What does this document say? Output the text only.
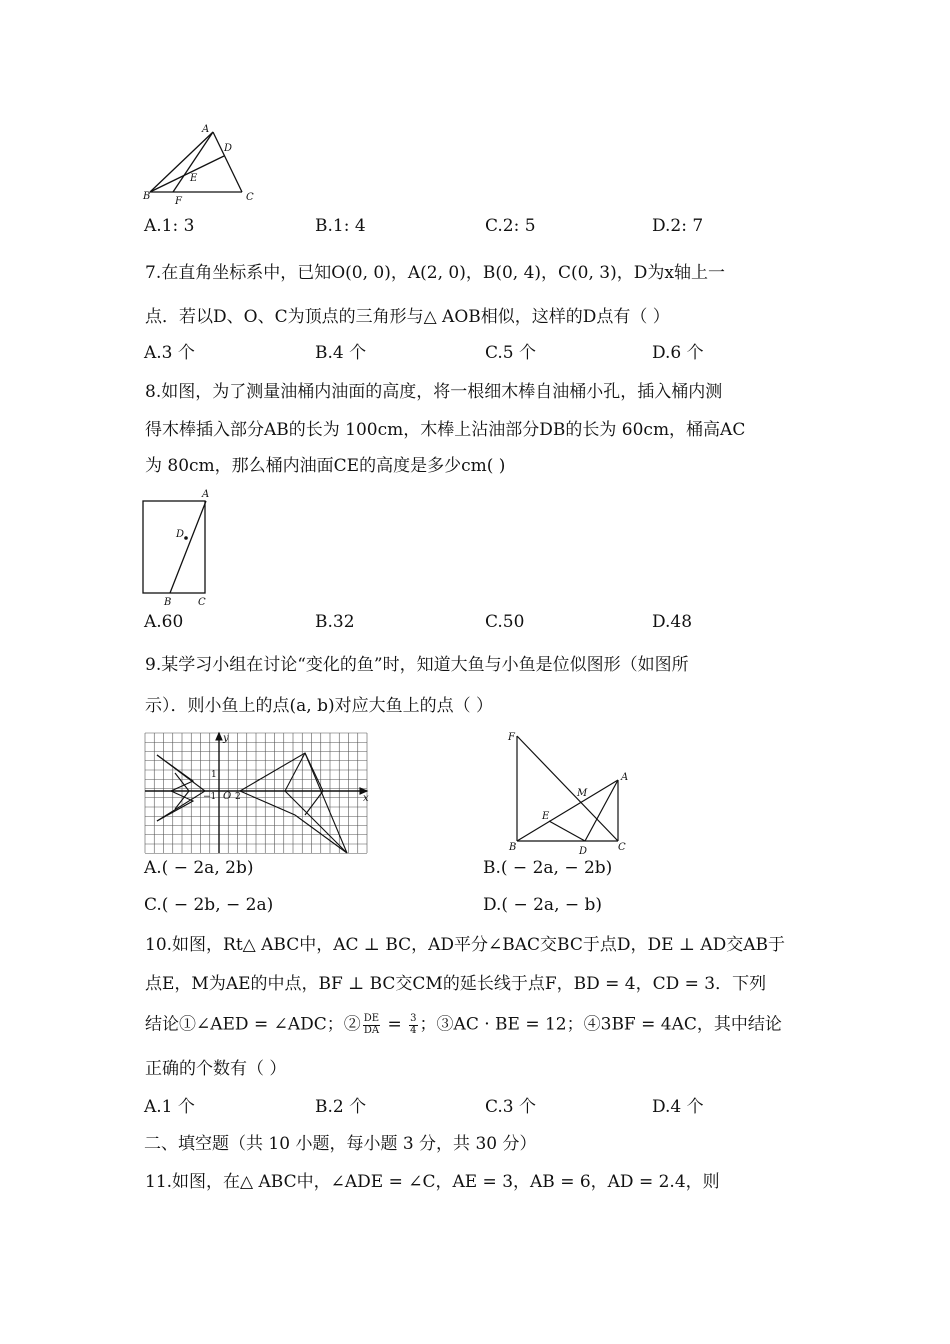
A
D
E
B F	C
A.1: 3	B.1: 4	C.2: 5	D.2: 7
7.在直角坐标系中，已知O(0, 0)，A(2, 0)，B(0, 4)，C(0, 3)，D为x轴上一
点．若以D、O、C为顶点的三角形与△ AOB相似，这样的D点有（ ）
A.3 个	B.4 个	C.5 个	D.6 个
8.如图，为了测量油桶内油面的高度，将一根细木棒自油桶小孔，插入桶内测
得木棒插入部分AB的长为 100cm，木棒上沾油部分DB的长为 60cm，桶高AC
为 80cm，那么桶内油面CE的高度是多少cm( )
A
D
B	C
A.60	B.32	C.50	D.48
9.某学习小组在讨论“变化的鱼”时，知道大鱼与小鱼是位似图形（如图所
示）．则小鱼上的点(a, b)对应大鱼上的点（ ）
y
x
1
O
−1 2
F
M
A
E
B	D	C
A.( − 2a, 2b)	B.( − 2a, − 2b)
C.( − 2b, − 2a)	D.( − 2a, − b)
10.如图，Rt△ ABC中，AC ⊥ BC，AD平分∠BAC交BC于点D，DE ⊥ AD交AB于
点E，M为AE的中点，BF ⊥ BC交CM的延长线于点F，BD = 4，CD = 3．下列
结论①∠AED = ∠ADC；② $\frac{DE}{DA} = \frac{3}{4}$ ；③AC · BE = 12；④3BF = 4AC，其中结论
正确的个数有（ ）
A.1 个	B.2 个	C.3 个	D.4 个
二、填空题（共 10 小题，每小题 3 分，共 30 分）
11.如图，在△ ABC中，∠ADE = ∠C，AE = 3，AB = 6，AD = 2.4，则
